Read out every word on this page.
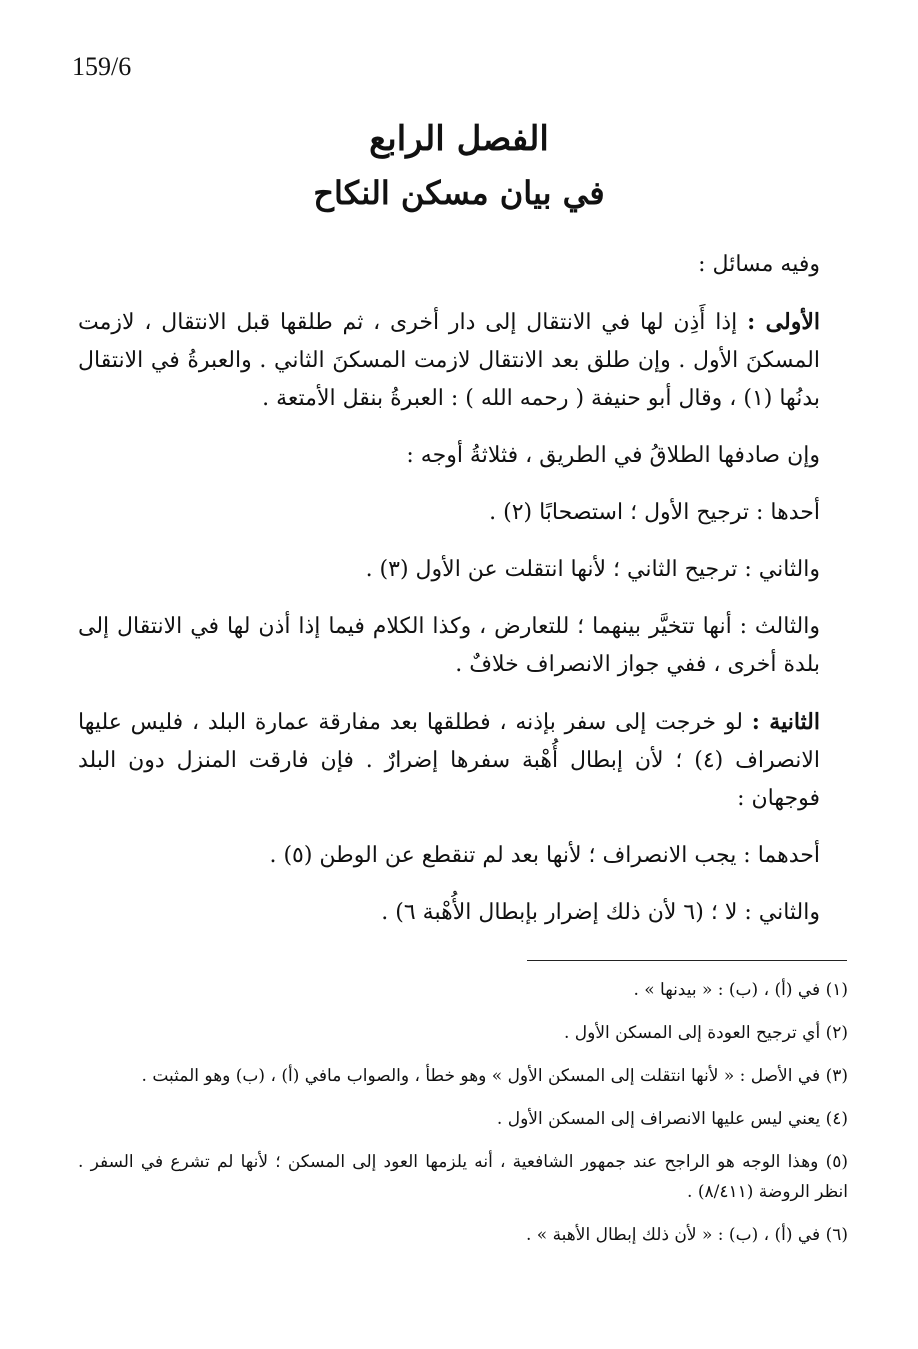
159/6
الفصل الرابع
في بيان مسكن النكاح

وفيه مسائل :

الأولى : إذا أَذِن لها في الانتقال إلى دار أخرى ، ثم طلقها قبل الانتقال ، لازمت المسكنَ الأول . وإن طلق بعد الانتقال لازمت المسكنَ الثاني . والعبرةُ في الانتقال بدنُها (١) ، وقال أبو حنيفة ( رحمه الله ) : العبرةُ بنقل الأمتعة .

وإن صادفها الطلاقُ في الطريق ، فثلاثةُ أوجه :

أحدها : ترجيح الأول ؛ استصحابًا (٢) .

والثاني : ترجيح الثاني ؛ لأنها انتقلت عن الأول (٣) .

والثالث : أنها تتخيَّر بينهما ؛ للتعارض ، وكذا الكلام فيما إذا أذن لها في الانتقال إلى بلدة أخرى ، ففي جواز الانصراف خلافٌ .

الثانية : لو خرجت إلى سفر بإذنه ، فطلقها بعد مفارقة عمارة البلد ، فليس عليها الانصراف (٤) ؛ لأن إبطال أُهْبة سفرها إضرارٌ . فإن فارقت المنزل دون البلد فوجهان :

أحدهما : يجب الانصراف ؛ لأنها بعد لم تنقطع عن الوطن (٥) .

والثاني : لا ؛ (٦ لأن ذلك إضرار بإبطال الأُهْبة ٦) .

(١) في (أ) ، (ب) : « بيدنها » .
(٢) أي ترجيح العودة إلى المسكن الأول .
(٣) في الأصل : « لأنها انتقلت إلى المسكن الأول » وهو خطأ ، والصواب مافي (أ) ، (ب) وهو المثبت .
(٤) يعني ليس عليها الانصراف إلى المسكن الأول .
(٥) وهذا الوجه هو الراجح عند جمهور الشافعية ، أنه يلزمها العود إلى المسكن ؛ لأنها لم تشرع في السفر . انظر الروضة (٨/٤١١) .
(٦) في (أ) ، (ب) : « لأن ذلك إبطال الأهبة » .
